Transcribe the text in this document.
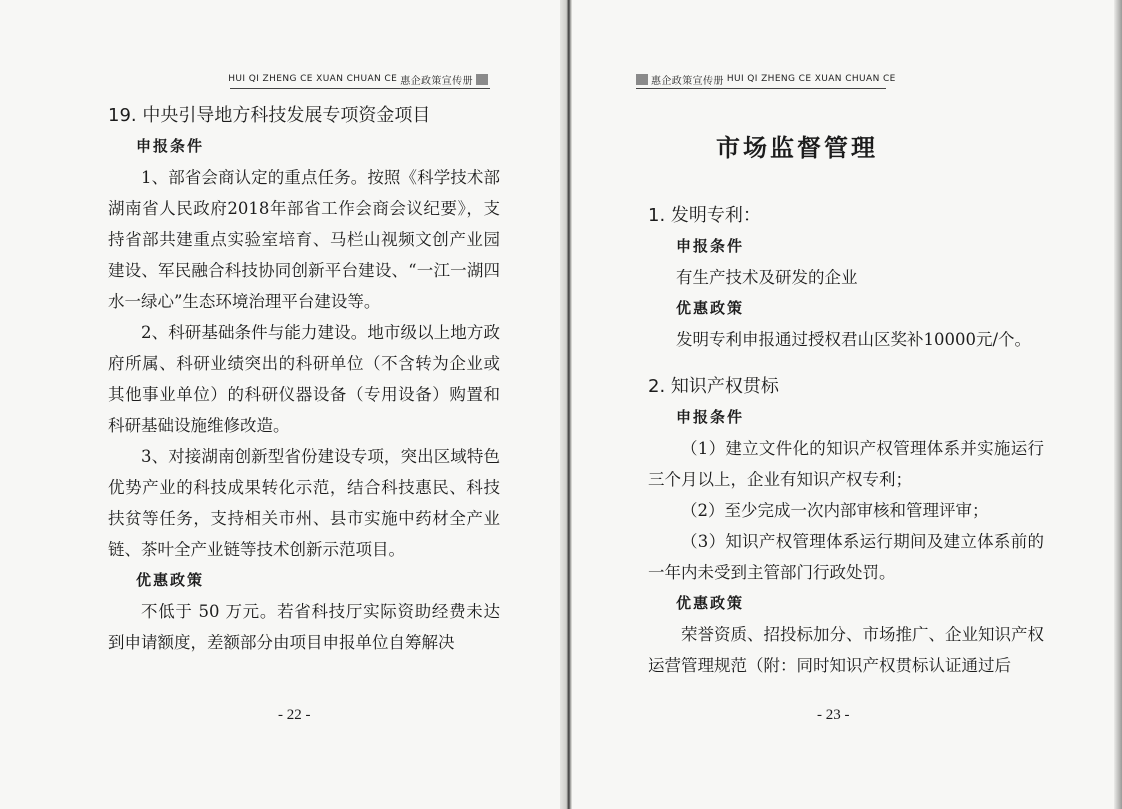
HUI QI ZHENG CE XUAN CHUAN CE 惠企政策宣传册

19. 中央引导地方科技发展专项资金项目

申报条件

1、部省会商认定的重点任务。按照《科学技术部 湖南省人民政府2018年部省工作会商会议纪要》，支持省部共建重点实验室培育、马栏山视频文创产业园建设、军民融合科技协同创新平台建设、“一江一湖四水一绿心”生态环境治理平台建设等。

2、科研基础条件与能力建设。地市级以上地方政府所属、科研业绩突出的科研单位（不含转为企业或其他事业单位）的科研仪器设备（专用设备）购置和科研基础设施维修改造。

3、对接湖南创新型省份建设专项，突出区域特色优势产业的科技成果转化示范，结合科技惠民、科技扶贫等任务，支持相关市州、县市实施中药材全产业链、茶叶全产业链等技术创新示范项目。

优惠政策

不低于 50 万元。若省科技厅实际资助经费未达到申请额度，差额部分由项目申报单位自筹解决

- 22 -
惠企政策宣传册 HUI QI ZHENG CE XUAN CHUAN CE
市场监督管理

1. 发明专利：

申报条件

有生产技术及研发的企业

优惠政策

发明专利申报通过授权君山区奖补10000元/个。

2. 知识产权贯标

申报条件

（1）建立文件化的知识产权管理体系并实施运行三个月以上，企业有知识产权专利；

（2）至少完成一次内部审核和管理评审；

（3）知识产权管理体系运行期间及建立体系前的一年内未受到主管部门行政处罚。

优惠政策

荣誉资质、招投标加分、市场推广、企业知识产权运营管理规范（附：同时知识产权贯标认证通过后

- 23 -
